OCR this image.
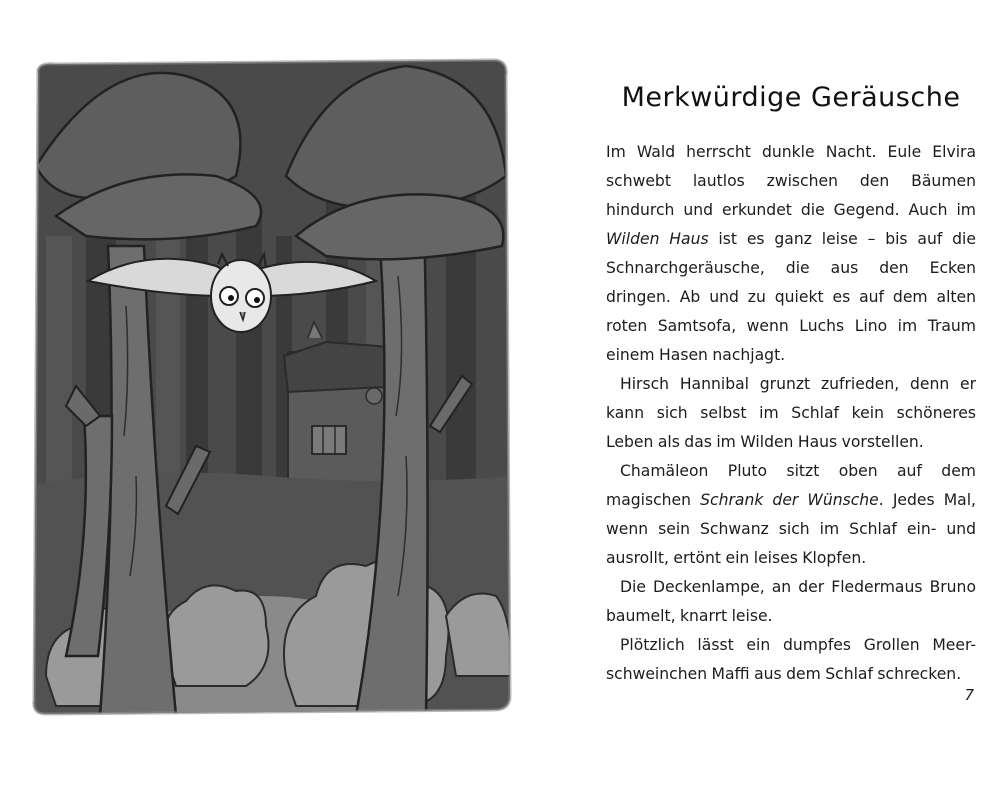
Merkwürdige Geräusche

Im Wald herrscht dunkle Nacht. Eule Elvira schwebt lautlos zwischen den Bäumen hindurch und erkundet die Gegend. Auch im Wilden Haus ist es ganz leise – bis auf die Schnarchgeräusche, die aus den Ecken dringen. Ab und zu quiekt es auf dem alten roten Samtsofa, wenn Luchs Lino im Traum einem Hasen nachjagt.

Hirsch Hannibal grunzt zufrieden, denn er kann sich selbst im Schlaf kein schöneres Leben als das im Wilden Haus vorstellen.

Chamäleon Pluto sitzt oben auf dem magischen Schrank der Wünsche. Jedes Mal, wenn sein Schwanz sich im Schlaf ein- und ausrollt, ertönt ein leises Klopfen.

Die Deckenlampe, an der Fledermaus Bruno baumelt, knarrt leise.

Plötzlich lässt ein dumpfes Grollen Meer-schweinchen Maffi aus dem Schlaf schrecken.

7
